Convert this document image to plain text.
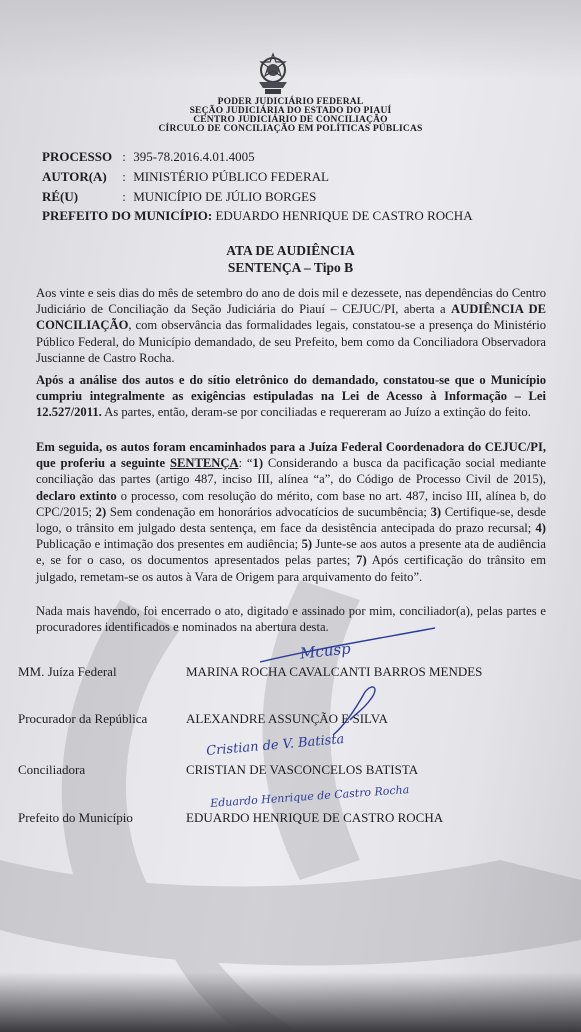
PODER JUDICIÁRIO FEDERAL
SEÇÃO JUDICIÁRIA DO ESTADO DO PIAUÍ
CENTRO JUDICIÁRIO DE CONCILIAÇÃO
CÍRCULO DE CONCILIAÇÃO EM POLÍTICAS PÚBLICAS
PROCESSO : 395-78.2016.4.01.4005
AUTOR(A) : MINISTÉRIO PÚBLICO FEDERAL
RÉ(U)	: MUNICÍPIO DE JÚLIO BORGES
PREFEITO DO MUNICÍPIO: EDUARDO HENRIQUE DE CASTRO ROCHA
ATA DE AUDIÊNCIA
SENTENÇA – Tipo B
Aos vinte e seis dias do mês de setembro do ano de dois mil e dezessete, nas dependências do Centro Judiciário de Conciliação da Seção Judiciária do Piauí – CEJUC/PI, aberta a AUDIÊNCIA DE CONCILIAÇÃO, com observância das formalidades legais, constatou-se a presença do Ministério Público Federal, do Município demandado, de seu Prefeito, bem como da Conciliadora Observadora Juscianne de Castro Rocha.
Após a análise dos autos e do sítio eletrônico do demandado, constatou-se que o Município cumpriu integralmente as exigências estipuladas na Lei de Acesso à Informação – Lei 12.527/2011. As partes, então, deram-se por conciliadas e requereram ao Juízo a extinção do feito.
Em seguida, os autos foram encaminhados para a Juíza Federal Coordenadora do CEJUC/PI, que proferiu a seguinte SENTENÇA: “1) Considerando a busca da pacificação social mediante conciliação das partes (artigo 487, inciso III, alínea “a”, do Código de Processo Civil de 2015), declaro extinto o processo, com resolução do mérito, com base no art. 487, inciso III, alínea b, do CPC/2015; 2) Sem condenação em honorários advocatícios de sucumbência; 3) Certifique-se, desde logo, o trânsito em julgado desta sentença, em face da desistência antecipada do prazo recursal; 4) Publicação e intimação dos presentes em audiência; 5) Junte-se aos autos a presente ata de audiência e, se for o caso, os documentos apresentados pelas partes; 7) Após certificação do trânsito em julgado, remetam-se os autos à Vara de Origem para arquivamento do feito”.
Nada mais havendo, foi encerrado o ato, digitado e assinado por mim, conciliador(a), pelas partes e procuradores identificados e nominados na abertura desta.
MM. Juíza Federal	MARINA ROCHA CAVALCANTI BARROS MENDES
Procurador da República	ALEXANDRE ASSUNÇÃO E SILVA
Conciliadora	CRISTIAN DE VASCONCELOS BATISTA
Prefeito do Município	EDUARDO HENRIQUE DE CASTRO ROCHA
Mcusp
Cristian de V. Batista
Eduardo Henrique de Castro Rocha
